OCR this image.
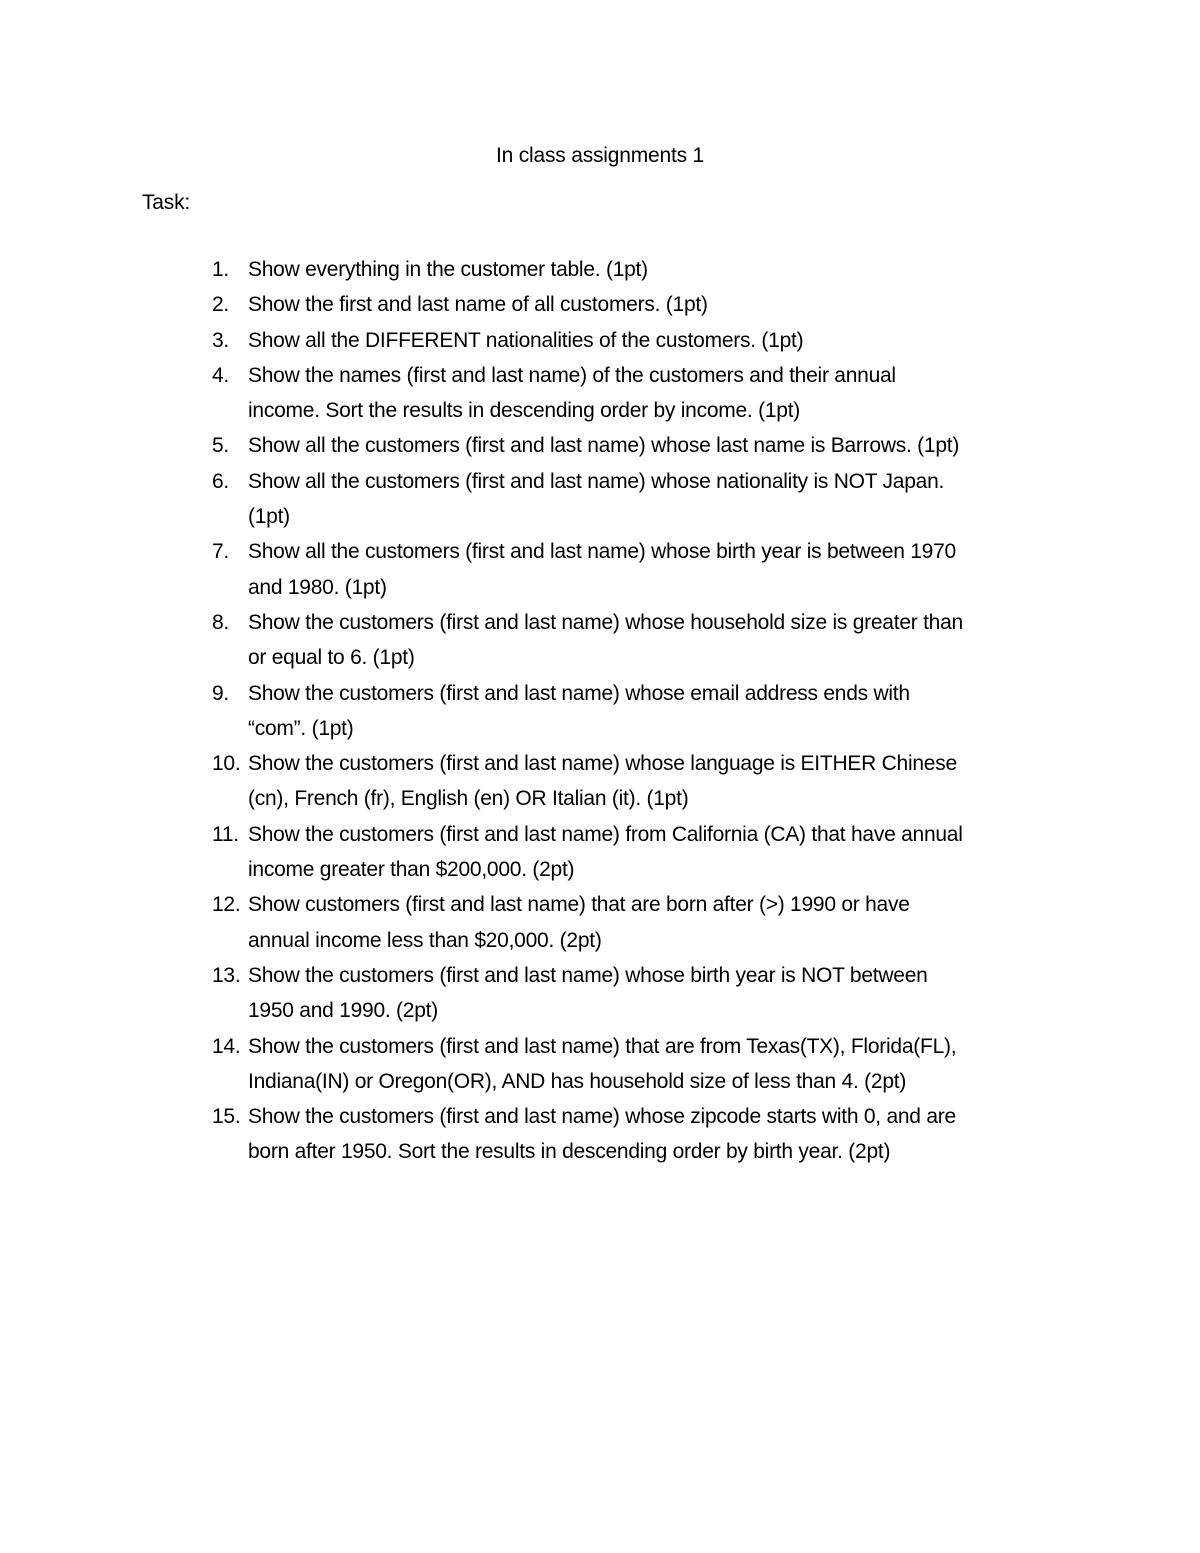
In class assignments 1
Task:
1. Show everything in the customer table. (1pt)
2. Show the first and last name of all customers. (1pt)
3. Show all the DIFFERENT nationalities of the customers. (1pt)
4. Show the names (first and last name) of the customers and their annual
income. Sort the results in descending order by income. (1pt)
5. Show all the customers (first and last name) whose last name is Barrows. (1pt)
6. Show all the customers (first and last name) whose nationality is NOT Japan.
(1pt)
7. Show all the customers (first and last name) whose birth year is between 1970
and 1980. (1pt)
8. Show the customers (first and last name) whose household size is greater than
or equal to 6. (1pt)
9. Show the customers (first and last name) whose email address ends with
“com”. (1pt)
10. Show the customers (first and last name) whose language is EITHER Chinese
(cn), French (fr), English (en) OR Italian (it). (1pt)
11. Show the customers (first and last name) from California (CA) that have annual
income greater than $200,000. (2pt)
12. Show customers (first and last name) that are born after (>) 1990 or have
annual income less than $20,000. (2pt)
13. Show the customers (first and last name) whose birth year is NOT between
1950 and 1990. (2pt)
14. Show the customers (first and last name) that are from Texas(TX), Florida(FL),
Indiana(IN) or Oregon(OR), AND has household size of less than 4. (2pt)
15. Show the customers (first and last name) whose zipcode starts with 0, and are
born after 1950. Sort the results in descending order by birth year. (2pt)
